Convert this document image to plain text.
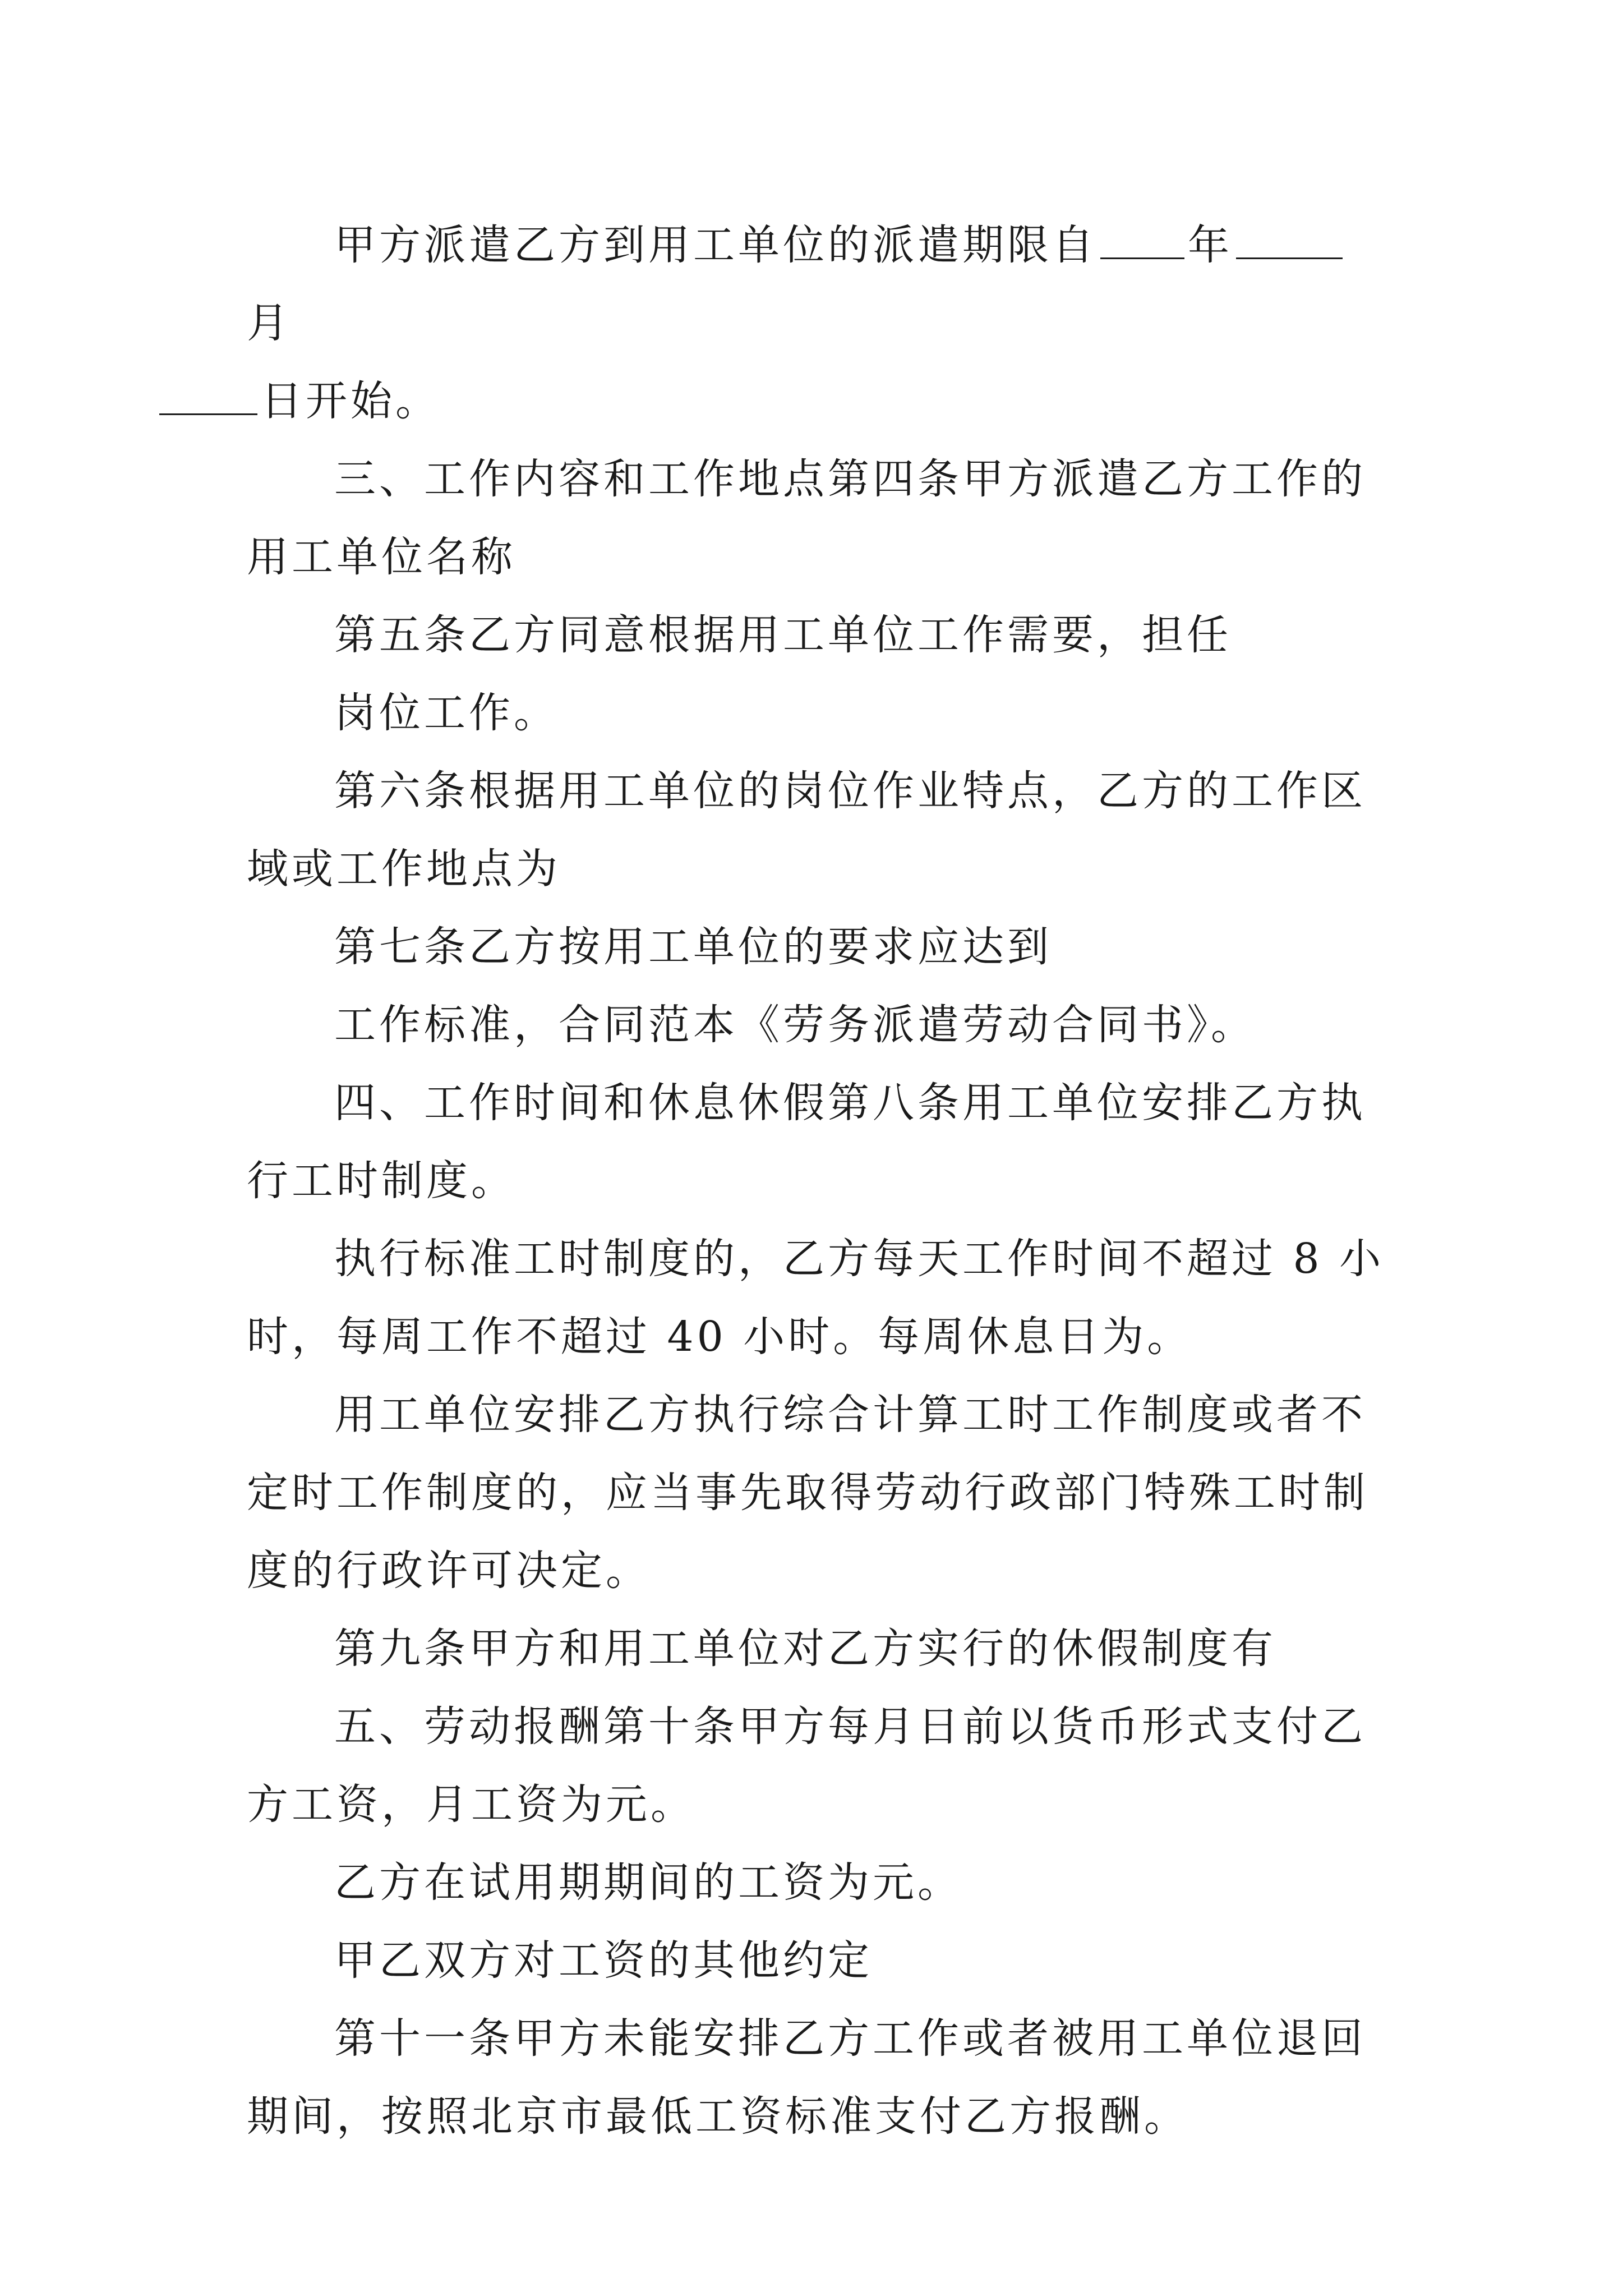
甲方派遣乙方到用工单位的派遣期限自 年月
日开始。

三、工作内容和工作地点第四条甲方派遣乙方工作的用工单位名称

第五条乙方同意根据用工单位工作需要，担任

岗位工作。

第六条根据用工单位的岗位作业特点，乙方的工作区域或工作地点为

第七条乙方按用工单位的要求应达到

工作标准，合同范本《劳务派遣劳动合同书》。

四、工作时间和休息休假第八条用工单位安排乙方执行工时制度。

执行标准工时制度的，乙方每天工作时间不超过 8 小时，每周工作不超过 40 小时。每周休息日为。

用工单位安排乙方执行综合计算工时工作制度或者不定时工作制度的，应当事先取得劳动行政部门特殊工时制度的行政许可决定。

第九条甲方和用工单位对乙方实行的休假制度有

五、劳动报酬第十条甲方每月日前以货币形式支付乙方工资，月工资为元。

乙方在试用期期间的工资为元。

甲乙双方对工资的其他约定

第十一条甲方未能安排乙方工作或者被用工单位退回期间，按照北京市最低工资标准支付乙方报酬。
